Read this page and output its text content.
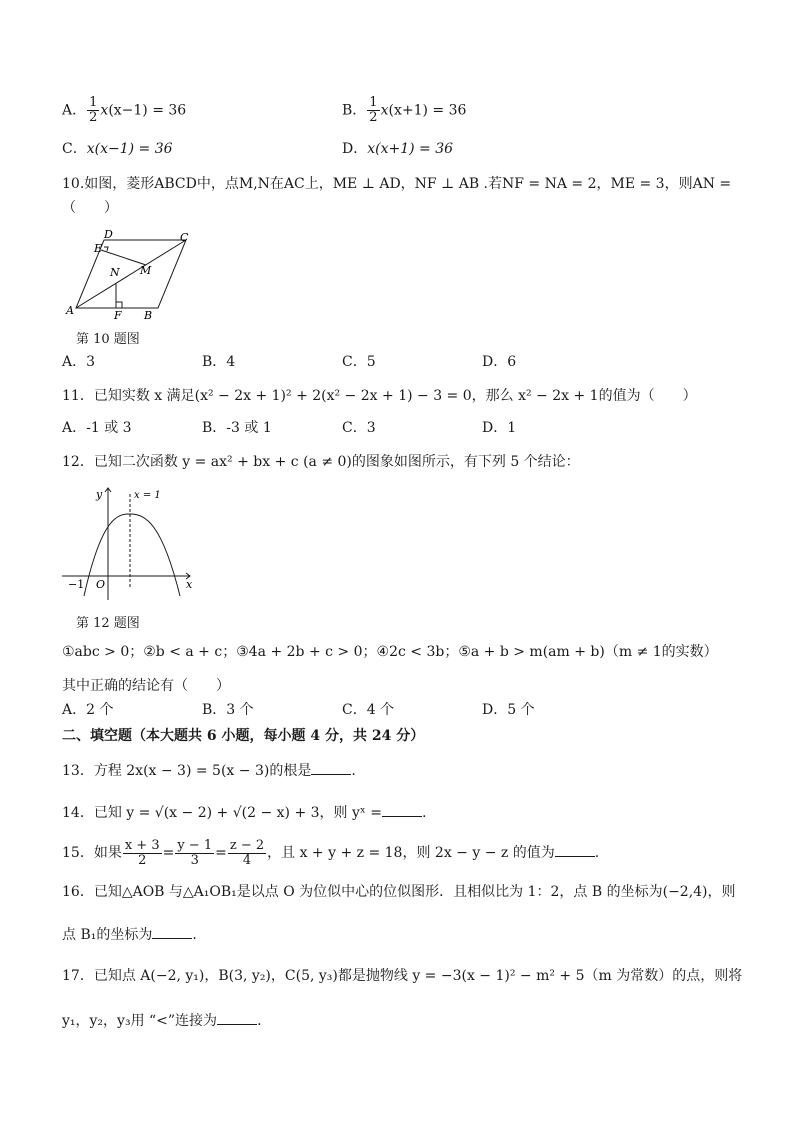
A． $\frac{1}{2} x(x-1) = 36$	B． $\frac{1}{2} x(x+1) = 36$
C．x(x−1) = 36	D．x(x+1) = 36
10.如图，菱形ABCD中，点M,N在AC上，ME ⊥ AD，NF ⊥ AB .若NF = NA = 2，ME = 3，则AN =
（　　）
D	C
E
N M
A	F B
第 10 题图
A．3	B．4	C．5	D．6
11．已知实数 x 满足(x² − 2x + 1)² + 2(x² − 2x + 1) − 3 = 0，那么 x² − 2x + 1的值为（　　）
A．-1 或 3	B．-3 或 1	C．3	D．1
12．已知二次函数 y = ax² + bx + c (a ≠ 0)的图象如图所示，有下列 5 个结论：
y	x = 1
x
−1 O
第 12 题图
①abc > 0；②b < a + c；③4a + 2b + c > 0；④2c < 3b；⑤a + b > m(am + b)（m ≠ 1的实数）
其中正确的结论有（　　）
A．2 个	B．3 个	C．4 个	D．5 个
二、填空题（本大题共 6 小题，每小题 4 分，共 24 分）
13．方程 2x(x − 3) = 5(x − 3)的根是	.
14．已知 y = √(x − 2) + √(2 − x) + 3，则 yˣ =	.
15．如果 $\frac{x + 3}{2} = \frac{y - 1}{3} = \frac{z - 2}{4}$ ，且 x + y + z = 18，则 2x − y − z 的值为	.
16．已知△AOB 与△A₁OB₁是以点 O 为位似中心的位似图形．且相似比为 1：2，点 B 的坐标为(−2,4)，则
点 B₁的坐标为	.
17．已知点 A(−2, y₁)，B(3, y₂)，C(5, y₃)都是抛物线 y = −3(x − 1)² − m² + 5（m 为常数）的点，则将
y₁，y₂，y₃用 “<”连接为	.
